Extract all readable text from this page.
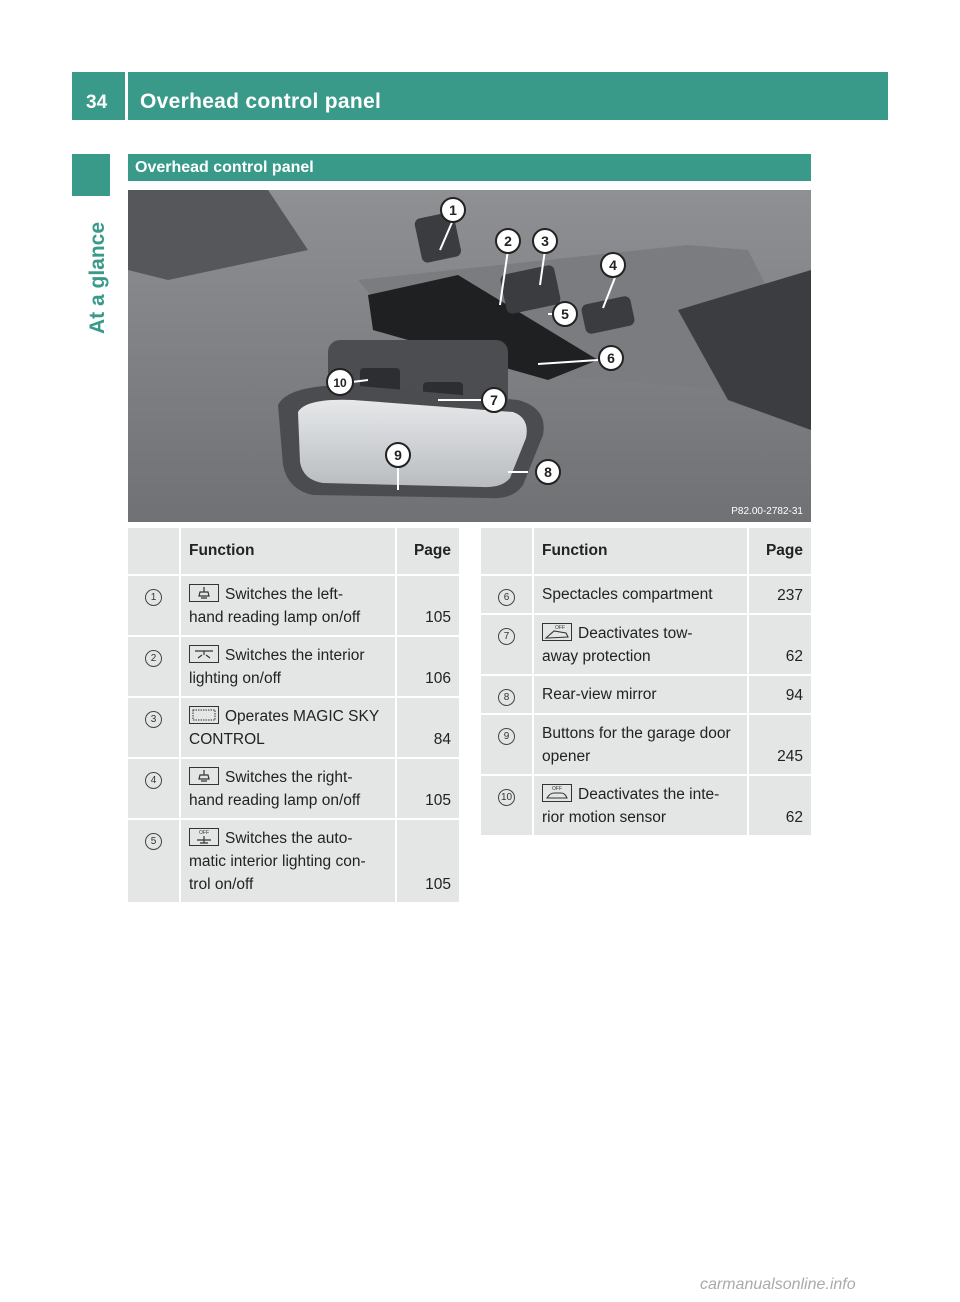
34 Overhead control panel
At a glance
Overhead control panel
1
2 3
4
5
6
7
8
9
10
P82.00-2782-31
	Function	Page
1	Switches the left-
hand reading lamp on/off	105
2	Switches the interior
lighting on/off	106
3	Operates MAGIC SKY
CONTROL	84
4	Switches the right-
hand reading lamp on/off	105
5	OFF Switches the auto-
matic interior lighting con-
trol on/off	105
	Function	Page
6	Spectacles compartment	237
7	OFF Deactivates tow-
away protection	62
8	Rear-view mirror	94
9	Buttons for the garage door
opener	245
10	OFF Deactivates the inte-
rior motion sensor	62
carmanualsonline.info
